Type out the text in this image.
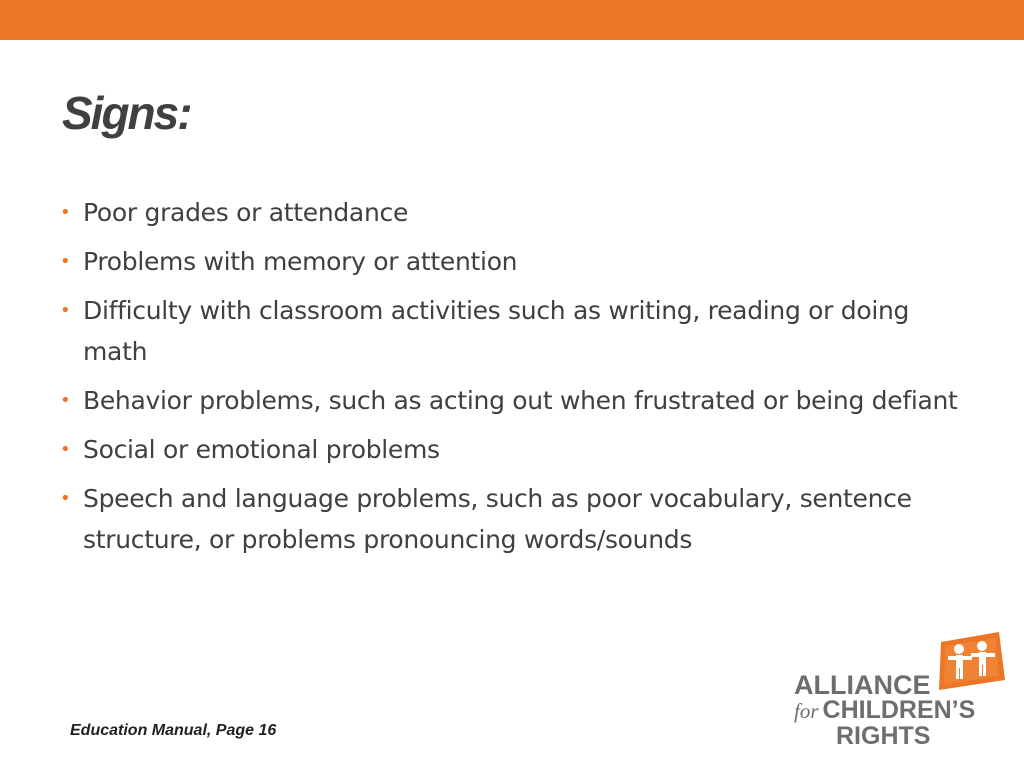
Signs:
• Poor grades or attendance
• Problems with memory or attention
• Difficulty with classroom activities such as writing, reading or doing math
• Behavior problems, such as acting out when frustrated or being defiant
• Social or emotional problems
• Speech and language problems, such as poor vocabulary, sentence structure, or problems pronouncing words/sounds
Education Manual, Page 16
ALLIANCE
for CHILDREN’S
RIGHTS
